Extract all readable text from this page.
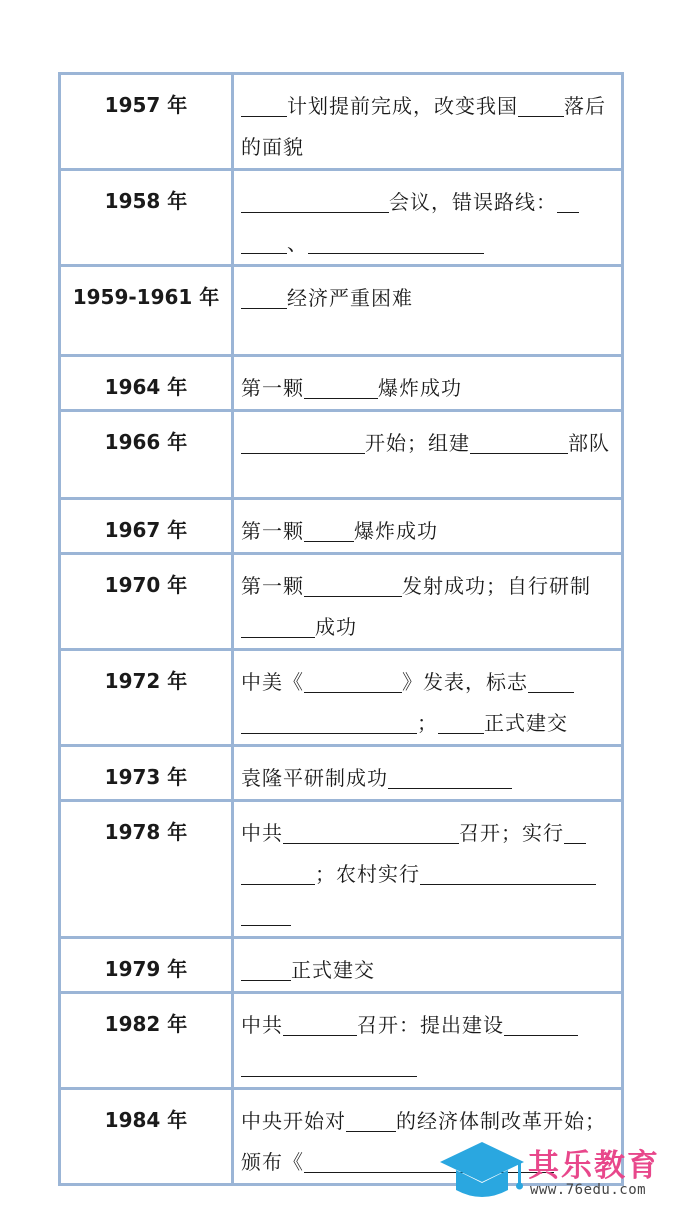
1957 年	计划提前完成，改变我国 落后的面貌
1958 年	会议，错误路线：、
1959-1961 年	经济严重困难
1964 年	第一颗 爆炸成功
1966 年	开始；组建 部队
1967 年	第一颗 爆炸成功
1970 年	第一颗 发射成功；自行研制成功
1972 年	中美《 》发表，标志； 正式建交
1973 年	袁隆平研制成功
1978 年	中共 召开；实行；农村实行
1979 年	正式建交
1982 年	中共 召开：提出建设
1984 年	中央开始对 的经济体制改革开始；颁布《	其乐教育
www.76edu.com
